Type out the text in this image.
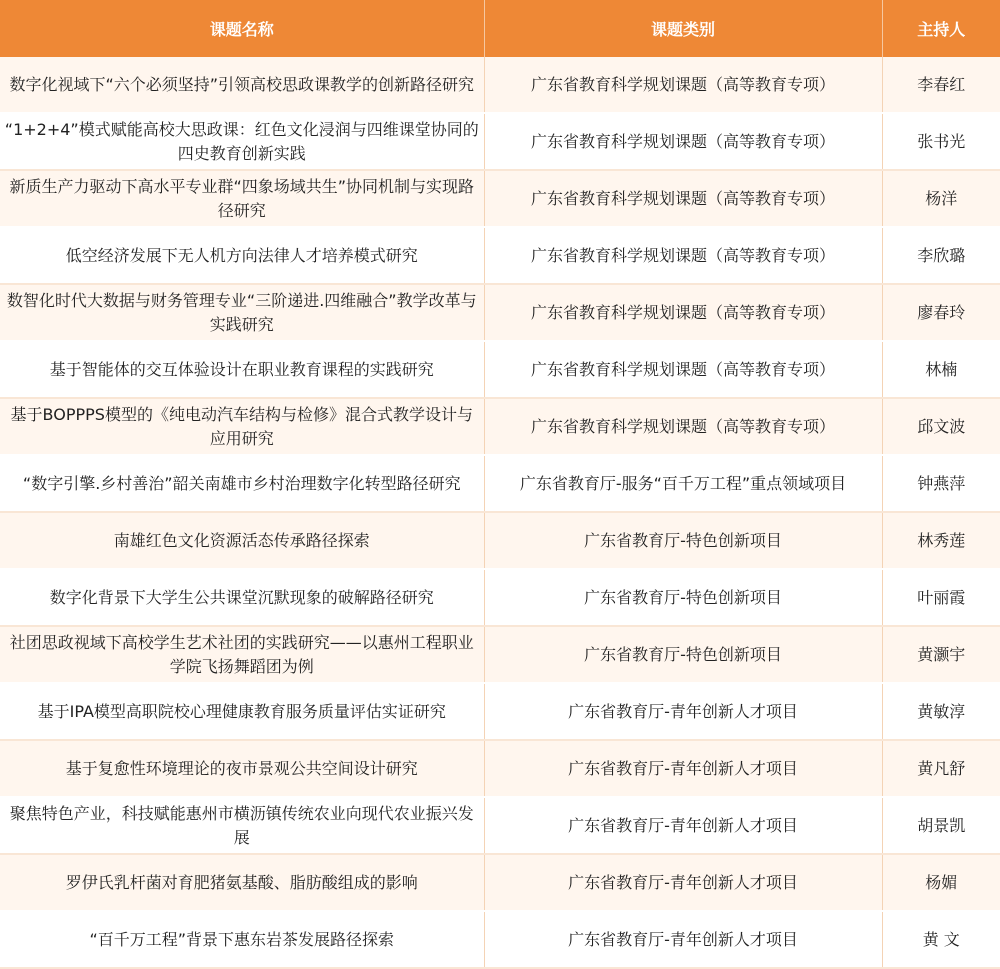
课题名称	课题类别	主持人
数字化视域下“六个必须坚持”引领高校思政课教学的创新路径研究	广东省教育科学规划课题（高等教育专项）	李春红
“1+2+4”模式赋能高校大思政课：红色文化浸润与四维课堂协同的四史教育创新实践	广东省教育科学规划课题（高等教育专项）	张书光
新质生产力驱动下高水平专业群“四象场域共生”协同机制与实现路径研究	广东省教育科学规划课题（高等教育专项）	杨洋
低空经济发展下无人机方向法律人才培养模式研究	广东省教育科学规划课题（高等教育专项）	李欣璐
数智化时代大数据与财务管理专业“三阶递进.四维融合”教学改革与实践研究	广东省教育科学规划课题（高等教育专项）	廖春玲
基于智能体的交互体验设计在职业教育课程的实践研究	广东省教育科学规划课题（高等教育专项）	林楠
基于BOPPPS模型的《纯电动汽车结构与检修》混合式教学设计与应用研究	广东省教育科学规划课题（高等教育专项）	邱文波
“数字引擎.乡村善治”韶关南雄市乡村治理数字化转型路径研究	广东省教育厅-服务“百千万工程”重点领域项目	钟燕萍
南雄红色文化资源活态传承路径探索	广东省教育厅-特色创新项目	林秀莲
数字化背景下大学生公共课堂沉默现象的破解路径研究	广东省教育厅-特色创新项目	叶丽霞
社团思政视域下高校学生艺术社团的实践研究——以惠州工程职业学院飞扬舞蹈团为例	广东省教育厅-特色创新项目	黄灏宇
基于IPA模型高职院校心理健康教育服务质量评估实证研究	广东省教育厅-青年创新人才项目	黄敏淳
基于复愈性环境理论的夜市景观公共空间设计研究	广东省教育厅-青年创新人才项目	黄凡舒
聚焦特色产业，科技赋能惠州市横沥镇传统农业向现代农业振兴发展	广东省教育厅-青年创新人才项目	胡景凯
罗伊氏乳杆菌对育肥猪氨基酸、脂肪酸组成的影响	广东省教育厅-青年创新人才项目	杨媚
“百千万工程”背景下惠东岩茶发展路径探索	广东省教育厅-青年创新人才项目	黄 文
